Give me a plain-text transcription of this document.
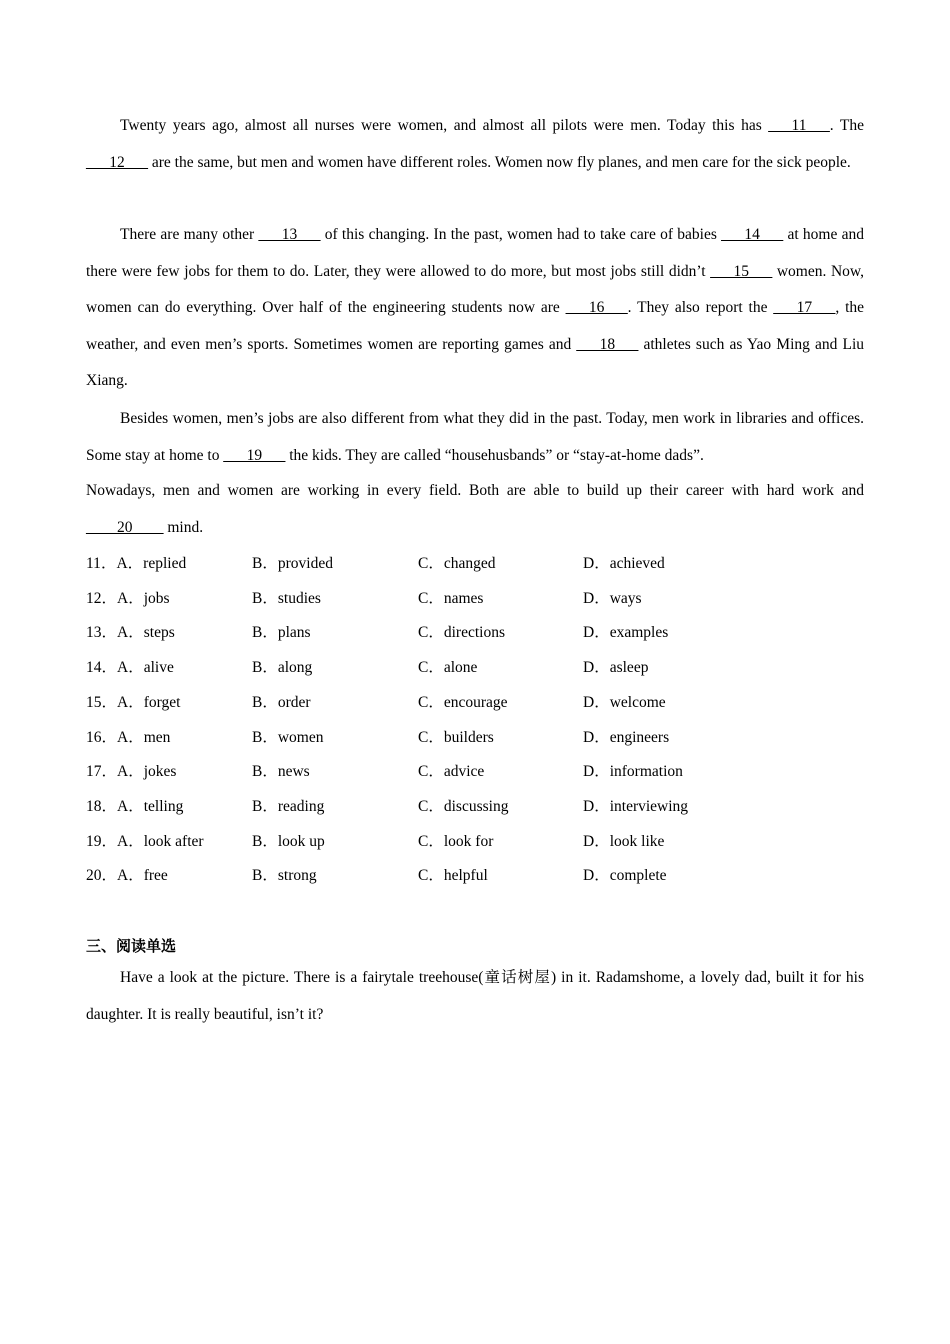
Twenty years ago, almost all nurses were women, and almost all pilots were men. Today this has ___11___. The ___12___ are the same, but men and women have different roles. Women now fly planes, and men care for the sick people.

There are many other ___13___ of this changing. In the past, women had to take care of babies ___14___ at home and there were few jobs for them to do. Later, they were allowed to do more, but most jobs still didn’t ___15___ women. Now, women can do everything. Over half of the engineering students now are ___16___. They also report the ___17___, the weather, and even men’s sports. Sometimes women are reporting games and ___18___ athletes such as Yao Ming and Liu Xiang.

Besides women, men’s jobs are also different from what they did in the past. Today, men work in libraries and offices. Some stay at home to ___19___ the kids. They are called “househusbands” or “stay-at-home dads”.

Nowadays, men and women are working in every field. Both are able to build up their career with hard work and ____20____ mind.

11．A．replied	B．provided	C．changed	D．achieved
12．A．jobs	B．studies	C．names	D．ways
13．A．steps	B．plans	C．directions	D．examples
14．A．alive	B．along	C．alone	D．asleep
15．A．forget	B．order	C．encourage	D．welcome
16．A．men	B．women	C．builders	D．engineers
17．A．jokes	B．news	C．advice	D．information
18．A．telling	B．reading	C．discussing	D．interviewing
19．A．look after	B．look up	C．look for	D．look like
20．A．free	B．strong	C．helpful	D．complete
三、阅读单选

Have a look at the picture. There is a fairytale treehouse(童话树屋) in it. Radamshome, a lovely dad, built it for his daughter. It is really beautiful, isn’t it?
